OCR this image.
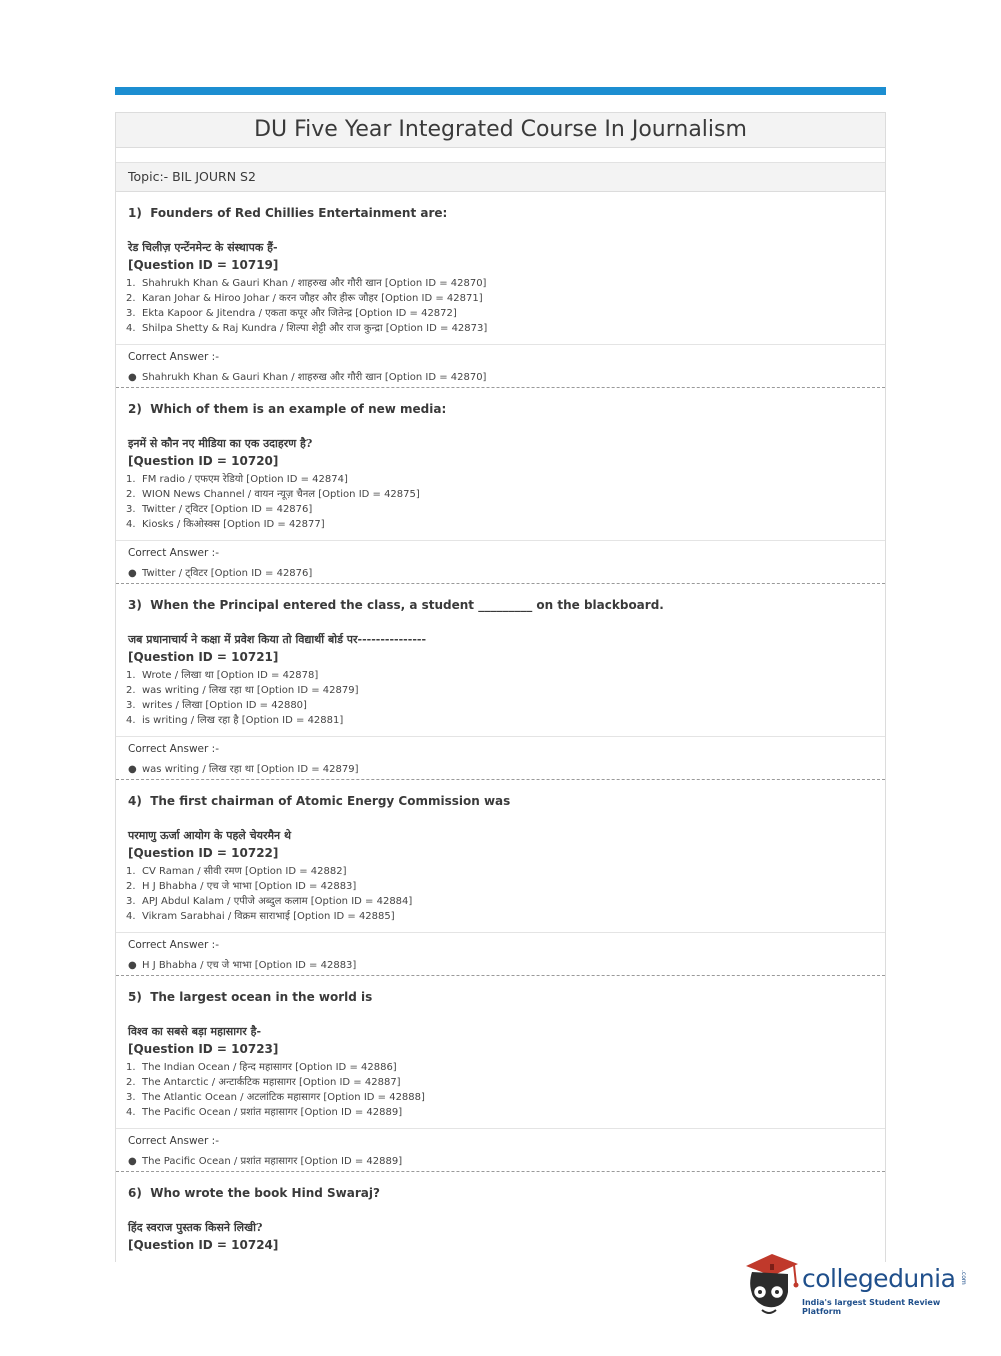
DU Five Year Integrated Course In Journalism
Topic:- BIL JOURN S2
1) Founders of Red Chillies Entertainment are:
रेड चिलीज़ एन्टेंनमेन्ट के संस्थापक हैं-
[Question ID = 10719]
1. Shahrukh Khan & Gauri Khan / शाहरुख और गौरी खान [Option ID = 42870]
2. Karan Johar & Hiroo Johar / करन जौहर और हीरू जौहर [Option ID = 42871]
3. Ekta Kapoor & Jitendra / एकता कपूर और जितेन्द्र [Option ID = 42872]
4. Shilpa Shetty & Raj Kundra / शिल्पा शेट्टी और राज कुन्द्रा [Option ID = 42873]
Correct Answer :-
● Shahrukh Khan & Gauri Khan / शाहरुख और गौरी खान [Option ID = 42870]
2) Which of them is an example of new media:
इनमें से कौन नए मीडिया का एक उदाहरण है?
[Question ID = 10720]
1. FM radio / एफएम रेडियो [Option ID = 42874]
2. WION News Channel / वायन न्यूज़ चैनल [Option ID = 42875]
3. Twitter / ट्विटर [Option ID = 42876]
4. Kiosks / किओस्क्स [Option ID = 42877]
Correct Answer :-
● Twitter / ट्विटर [Option ID = 42876]
3) When the Principal entered the class, a student _________ on the blackboard.
जब प्रधानाचार्य ने कक्षा में प्रवेश किया तो विद्यार्थी बोर्ड पर---------------
[Question ID = 10721]
1. Wrote / लिखा था [Option ID = 42878]
2. was writing / लिख रहा था [Option ID = 42879]
3. writes / लिखा [Option ID = 42880]
4. is writing / लिख रहा है [Option ID = 42881]
Correct Answer :-
● was writing / लिख रहा था [Option ID = 42879]
4) The first chairman of Atomic Energy Commission was
परमाणु ऊर्जा आयोग के पहले चेयरमैन थे
[Question ID = 10722]
1. CV Raman / सीवी रमण [Option ID = 42882]
2. H J Bhabha / एच जे भाभा [Option ID = 42883]
3. APJ Abdul Kalam / एपीजे अब्दुल कलाम [Option ID = 42884]
4. Vikram Sarabhai / विक्रम साराभाई [Option ID = 42885]
Correct Answer :-
● H J Bhabha / एच जे भाभा [Option ID = 42883]
5) The largest ocean in the world is
विश्व का सबसे बड़ा महासागर है-
[Question ID = 10723]
1. The Indian Ocean / हिन्द महासागर [Option ID = 42886]
2. The Antarctic / अन्टार्कटिक महासागर [Option ID = 42887]
3. The Atlantic Ocean / अटलांटिक महासागर [Option ID = 42888]
4. The Pacific Ocean / प्रशांत महासागर [Option ID = 42889]
Correct Answer :-
● The Pacific Ocean / प्रशांत महासागर [Option ID = 42889]
6) Who wrote the book Hind Swaraj?
हिंद स्वराज पुस्तक किसने लिखी?
[Question ID = 10724]
collegedunia .com
India's largest Student Review Platform
